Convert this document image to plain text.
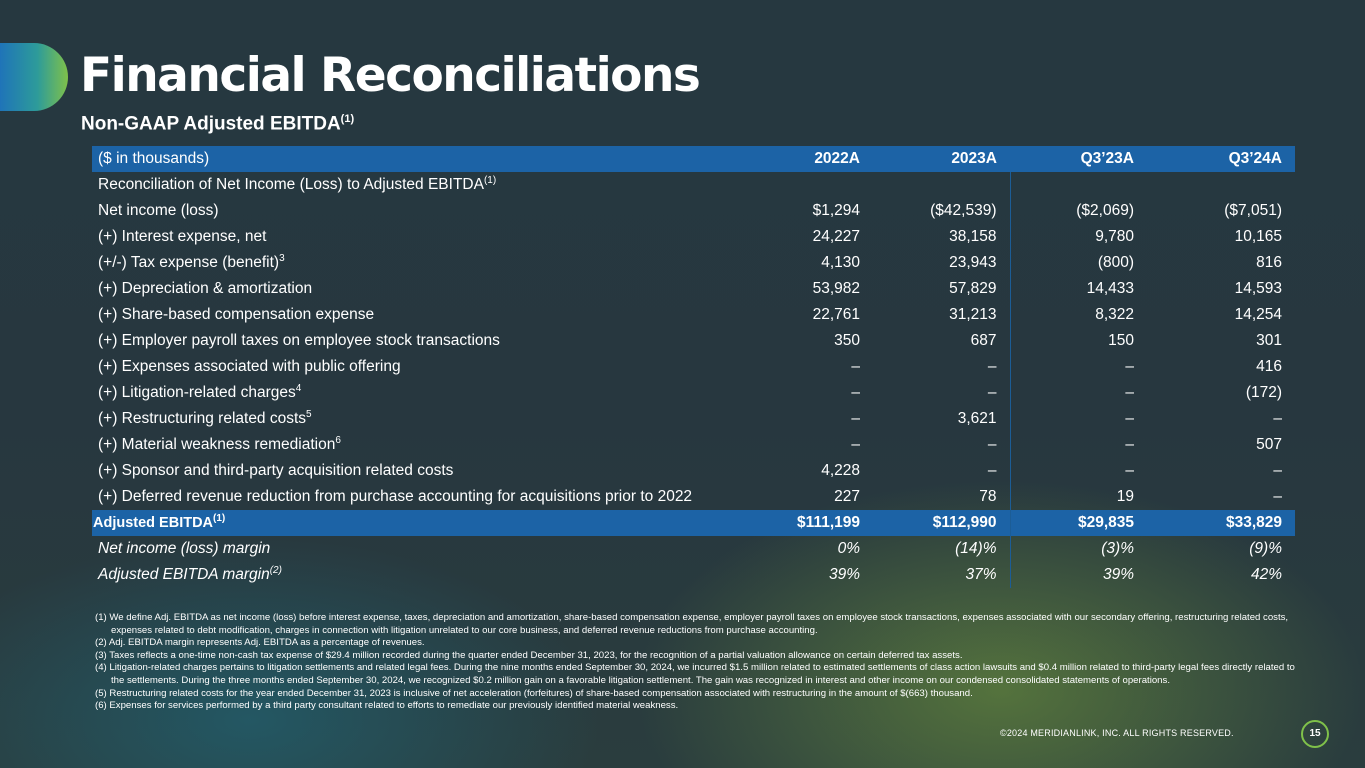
Financial Reconciliations
Non-GAAP Adjusted EBITDA$^{(1)}$
($ in thousands)	2022A	2023A	Q3’23A	Q3’24A
Reconciliation of Net Income (Loss) to Adjusted EBITDA$^{(1)}$				
Net income (loss)	$1,294	($42,539)	($2,069)	($7,051)
(+) Interest expense, net	24,227	38,158	9,780	10,165
(+/-) Tax expense (benefit)$^3$	4,130	23,943	(800)	816
(+) Depreciation & amortization	53,982	57,829	14,433	14,593
(+) Share-based compensation expense	22,761	31,213	8,322	14,254
(+) Employer payroll taxes on employee stock transactions	350	687	150	301
(+) Expenses associated with public offering	–	–	–	416
(+) Litigation-related charges$^4$	–	–	–	(172)
(+) Restructuring related costs$^5$	–	3,621	–	–
(+) Material weakness remediation$^6$	–	–	–	507
(+) Sponsor and third-party acquisition related costs	4,228	–	–	–
(+) Deferred revenue reduction from purchase accounting for acquisitions prior to 2022	227	78	19	–
Adjusted EBITDA$^{(1)}$	$111,199	$112,990	$29,835	$33,829
Net income (loss) margin	0%	(14)%	(3)%	(9)%
Adjusted EBITDA margin$^{(2)}$	39%	37%	39%	42%

(1) We define Adj. EBITDA as net income (loss) before interest expense, taxes, depreciation and amortization, share-based compensation expense, employer payroll taxes on employee stock transactions, expenses associated with our secondary offering, restructuring related costs, expenses related to debt modification, charges in connection with litigation unrelated to our core business, and deferred revenue reductions from purchase accounting.

(2) Adj. EBITDA margin represents Adj. EBITDA as a percentage of revenues.

(3) Taxes reflects a one-time non-cash tax expense of $29.4 million recorded during the quarter ended December 31, 2023, for the recognition of a partial valuation allowance on certain deferred tax assets.

(4) Litigation-related charges pertains to litigation settlements and related legal fees. During the nine months ended September 30, 2024, we incurred $1.5 million related to estimated settlements of class action lawsuits and $0.4 million related to third-party legal fees directly related to the settlements. During the three months ended September 30, 2024, we recognized $0.2 million gain on a favorable litigation settlement. The gain was recognized in interest and other income on our condensed consolidated statements of operations.

(5) Restructuring related costs for the year ended December 31, 2023 is inclusive of net acceleration (forfeitures) of share-based compensation associated with restructuring in the amount of $(663) thousand.

(6) Expenses for services performed by a third party consultant related to efforts to remediate our previously identified material weakness.

©2024 MERIDIANLINK, INC. ALL RIGHTS RESERVED.	15
